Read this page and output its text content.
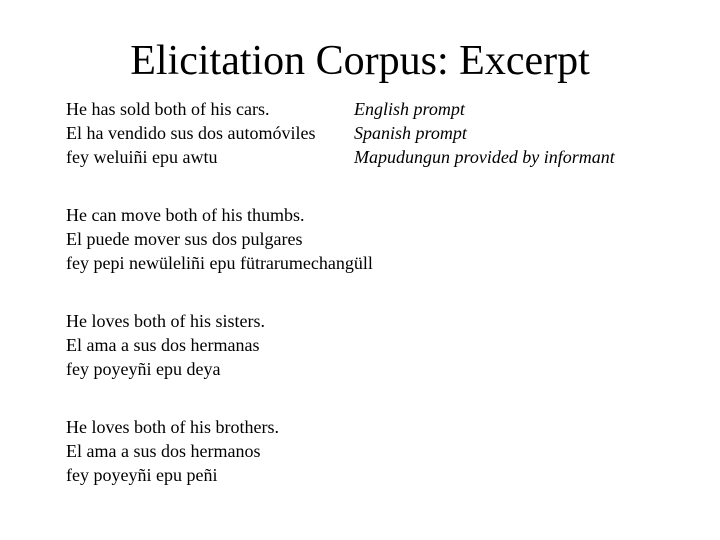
Elicitation Corpus: Excerpt
He has sold both of his cars.	English prompt
El ha vendido sus dos automóviles Spanish prompt
fey weluiñi epu awtu	Mapudungun provided by informant
He can move both of his thumbs.
El puede mover sus dos pulgares
fey pepi newüleliñi epu fütrarumechangüll
He loves both of his sisters.
El ama a sus dos hermanas
fey poyeyñi epu deya
He loves both of his brothers.
El ama a sus dos hermanos
fey poyeyñi epu peñi
